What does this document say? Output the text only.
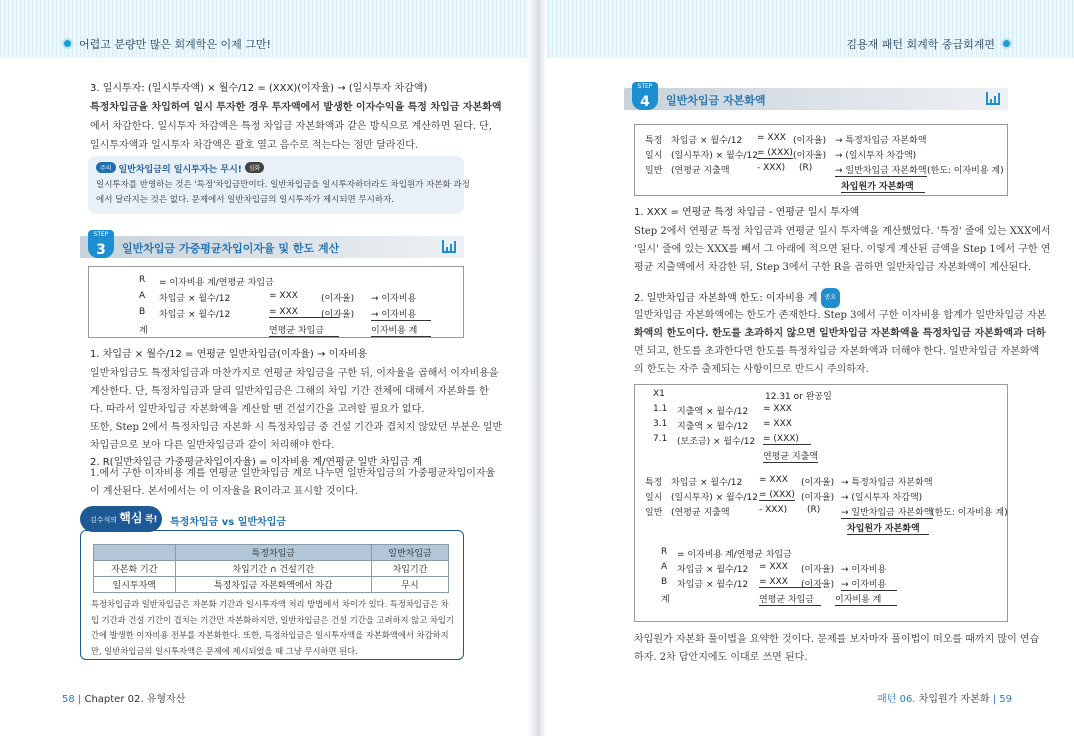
어렵고 분량만 많은 회계학은 이제 그만!	김용재 패턴 회계학 중급회계편
3. 일시투자: (일시투자액) × 월수/12 = (XXX)(이자율) → (일시투자 차감액)
특정차입금을 차입하여 일시 투자한 경우 투자액에서 발생한 이자수익을 특정 차입금 자본화액
에서 차감한다. 일시투자 차감액은 특정 차입금 자본화액과 같은 방식으로 계산하면 된다. 단,
일시투자액과 일시투자 차감액은 괄호 열고 음수로 적는다는 점만 달라진다.
주의 일반차입금의 일시투자는 무시! 심화
일시투자를 반영하는 것은 '특정'차입금만이다. 일반차입금을 일시투자하더라도 차입원가 자본화 과정
에서 달라지는 것은 없다. 문제에서 일반차입금의 일시투자가 제시되면 무시하자.
STEP
3	일반차입금 가중평균차입이자율 및 한도 계산
R = 이자비용 계/연평균 차입금
A 차입금 × 월수/12	= XXX	(이자율) → 이자비용
B 차입금 × 월수/12	= XXX	(이자율) → 이자비용
계	연평균 차입금	이자비용 계
1. 차입금 × 월수/12 = 연평균 일반차입금(이자율) → 이자비용
일반차입금도 특정차입금과 마찬가지로 연평균 차입금을 구한 뒤, 이자율을 곱해서 이자비용을
계산한다. 단, 특정차입금과 달리 일반차입금은 그해의 차입 기간 전체에 대해서 자본화를 한
다. 따라서 일반차입금 자본화액을 계산할 땐 건설기간을 고려할 필요가 없다.
또한, Step 2에서 특정차입금 자본화 시 특정차입금 중 건설 기간과 겹치지 않았던 부분은 일반
차입금으로 보아 다른 일반차입금과 같이 처리해야 한다.
2. R(일반차입금 가중평균차입이자율) = 이자비용 계/연평균 일반 차입금 계
1.에서 구한 이자비용 계를 연평균 일반차입금 계로 나누면 일반차입금의 가중평균차입이자율
이 계산된다. 본서에서는 이 이자율을 R이라고 표시할 것이다.
김수석의 핵심 콕!	특정차입금 vs 일반차입금
	특정차입금	일반차입금
자본화 기간	차입기간 ∩ 건설기간	차입기간
일시투자액	특정차입금 자본화액에서 차감	무시
특정차입금과 일반차입금은 자본화 기간과 일시투자액 처리 방법에서 차이가 있다. 특정차입금은 차
입 기간과 건설 기간이 겹치는 기간만 자본화하지만, 일반차입금은 건설 기간을 고려하지 않고 차입기
간에 발생한 이자비용 전부를 자본화한다. 또한, 특정차입금은 일시투자액을 자본화액에서 차감하지
만, 일반차입금의 일시투자액은 문제에 제시되었을 때 그냥 무시하면 된다.
58 | Chapter 02. 유형자산
STEP
4	일반차입금 자본화액
특정 차입금 × 월수/12 = XXX (이자율) → 특정차입금 자본화액
일시 (일시투자) × 월수/12 = (XXX) (이자율) → (일시투자 차감액)
일반 (연평균 지출액	- XXX) (R)	→ 일반차입금 자본화액 (한도: 이자비용 계)
차입원가 자본화액
1. XXX = 연평균 특정 차입금 - 연평균 일시 투자액
Step 2에서 연평균 특정 차입금과 연평균 일시 투자액을 계산했었다. '특정' 줄에 있는 XXX에서
'일시' 줄에 있는 XXX를 빼서 그 아래에 적으면 된다. 이렇게 계산된 금액을 Step 1에서 구한 연
평균 지출액에서 차감한 뒤, Step 3에서 구한 R을 곱하면 일반차입금 자본화액이 계산된다.
2. 일반차입금 자본화액 한도: 이자비용 계 중요
일반차입금 자본화액에는 한도가 존재한다. Step 3에서 구한 이자비용 합계가 일반차입금 자본
화액의 한도이다. 한도를 초과하지 않으면 일반차입금 자본화액을 특정차입금 자본화액과 더하
면 되고, 한도를 초과한다면 한도를 특정차입금 자본화액과 더해야 한다. 일반차입금 자본화액
의 한도는 자주 출제되는 사항이므로 반드시 주의하자.
X1	12.31 or 완공일
1.1 지출액 × 월수/12 = XXX
3.1 지출액 × 월수/12 = XXX
7.1 (보조금) × 월수/12 = (XXX)
연평균 지출액
특정 차입금 × 월수/12 = XXX (이자율) → 특정차입금 자본화액
일시 (일시투자) × 월수/12 = (XXX) (이자율) → (일시투자 차감액)
일반 (연평균 지출액	- XXX) (R) → 일반차입금 자본화액
(한도: 이자비용 계)
차입원가 자본화액
R = 이자비용 계/연평균 차입금
A 차입금 × 월수/12 = XXX (이자율) → 이자비용
B 차입금 × 월수/12 = XXX	(이자율) → 이자비용
계	연평균 차입금	이자비용 계
차입원가 자본화 풀이법을 요약한 것이다. 문제를 보자마자 풀이법이 떠오를 때까지 많이 연습
하자. 2차 답안지에도 이대로 쓰면 된다.
패턴 06. 차입원가 자본화 | 59
